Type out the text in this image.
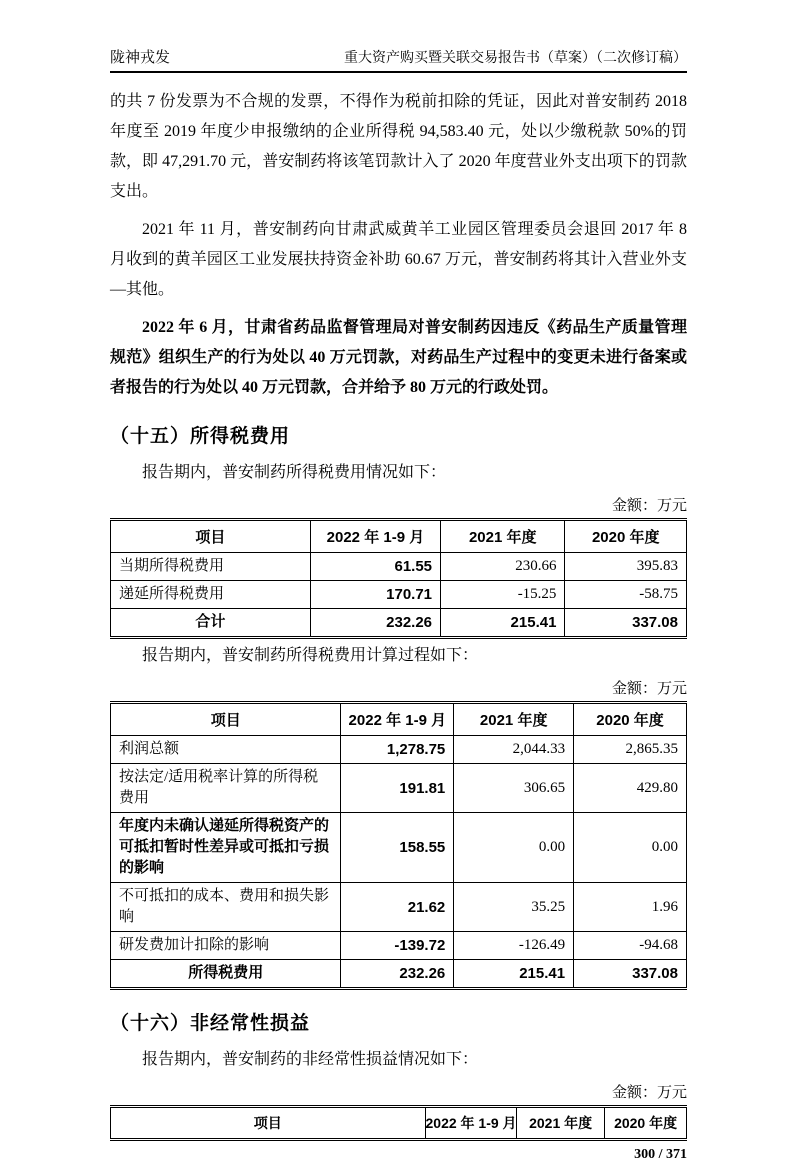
陇神戎发	重大资产购买暨关联交易报告书（草案）（二次修订稿）

的共 7 份发票为不合规的发票，不得作为税前扣除的凭证，因此对普安制药 2018 年度至 2019 年度少申报缴纳的企业所得税 94,583.40 元，处以少缴税款 50%的罚款，即 47,291.70 元，普安制药将该笔罚款计入了 2020 年度营业外支出项下的罚款支出。

2021 年 11 月，普安制药向甘肃武威黄羊工业园区管理委员会退回 2017 年 8 月收到的黄羊园区工业发展扶持资金补助 60.67 万元，普安制药将其计入营业外支—其他。

2022 年 6 月，甘肃省药品监督管理局对普安制药因违反《药品生产质量管理规范》组织生产的行为处以 40 万元罚款，对药品生产过程中的变更未进行备案或者报告的行为处以 40 万元罚款，合并给予 80 万元的行政处罚。

（十五）所得税费用

报告期内，普安制药所得税费用情况如下：

金额：万元
项目	2022 年 1-9 月	2021 年度	2020 年度
当期所得税费用	61.55	230.66	395.83
递延所得税费用	170.71	-15.25	-58.75
合计	232.26	215.41	337.08

报告期内，普安制药所得税费用计算过程如下：

金额：万元
项目	2022 年 1-9 月	2021 年度	2020 年度
利润总额	1,278.75	2,044.33	2,865.35
按法定/适用税率计算的所得税费用	191.81	306.65	429.80
年度内未确认递延所得税资产的可抵扣暂时性差异或可抵扣亏损的影响	158.55	0.00	0.00
不可抵扣的成本、费用和损失影响	21.62	35.25	1.96
研发费加计扣除的影响	-139.72	-126.49	-94.68
所得税费用	232.26	215.41	337.08
（十六）非经常性损益

报告期内，普安制药的非经常性损益情况如下：

金额：万元
项目	2022 年 1-9 月	2021 年度	2020 年度
300 / 371
